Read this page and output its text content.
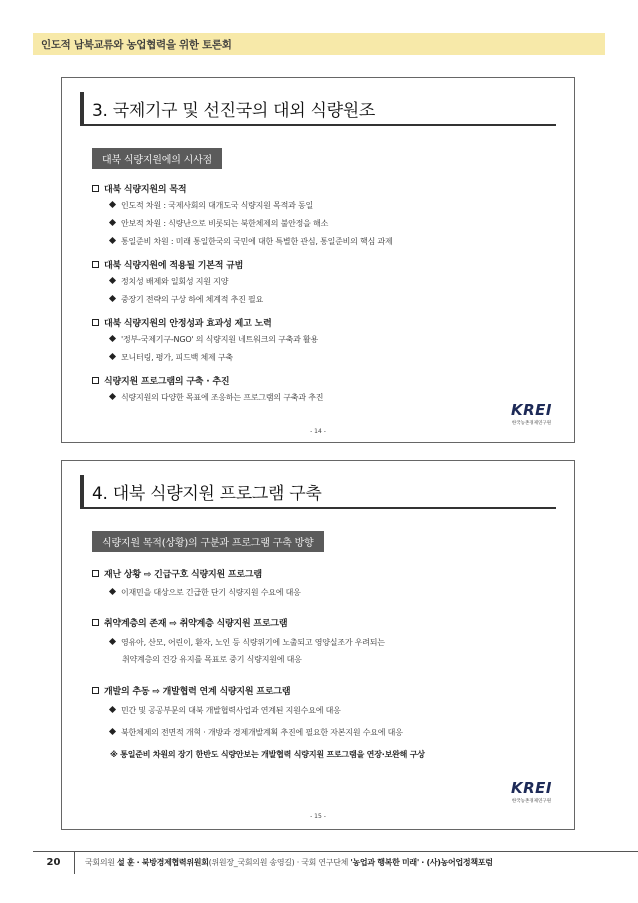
인도적 남북교류와 농업협력을 위한 토론회
3. 국제기구 및 선진국의 대외 식량원조
대북 식량지원에의 시사점
대북 식량지원의 목적
인도적 차원 : 국제사회의 대개도국 식량지원 목적과 동일
안보적 차원 : 식량난으로 비롯되는 북한체제의 불안정을 해소
통일준비 차원 : 미래 통일한국의 국민에 대한 특별한 관심, 통일준비의 핵심 과제
대북 식량지원에 적용될 기본적 규범
정치성 배제와 일회성 지원 지양
중장기 전략의 구상 하에 체계적 추진 필요
대북 식량지원의 안정성과 효과성 제고 노력
'정부-국제기구-NGO' 의 식량지원 네트워크의 구축과 활용
모니터링, 평가, 피드백 체제 구축
식량지원 프로그램의 구축 · 추진
식량지원의 다양한 목표에 조응하는 프로그램의 구축과 추진
KREI
한국농촌경제연구원
- 14 -
4. 대북 식량지원 프로그램 구축
식량지원 목적(상황)의 구분과 프로그램 구축 방향
재난 상황 ⇨ 긴급구호 식량지원 프로그램
이재민을 대상으로 긴급한 단기 식량지원 수요에 대응
취약계층의 존재 ⇨ 취약계층 식량지원 프로그램
영유아, 산모, 어린이, 환자, 노인 등 식량위기에 노출되고 영양실조가 우려되는
취약계층의 건강 유지를 목표로 중기 식량지원에 대응
개발의 추동 ⇨ 개발협력 연계 식량지원 프로그램
민간 및 공공부문의 대북 개발협력사업과 연계된 지원수요에 대응
북한체제의 전면적 개혁 · 개방과 경제개발계획 추진에 필요한 자본지원 수요에 대응
※ 통일준비 차원의 장기 한반도 식량안보는 개발협력 식량지원 프로그램을 연장·보완해 구상
KREI
한국농촌경제연구원
- 15 -
20	국회의원 설 훈 · 북방경제협력위원회(위원장_국회의원 송영길) · 국회 연구단체 '농업과 행복한 미래' · (사)농어업정책포럼
